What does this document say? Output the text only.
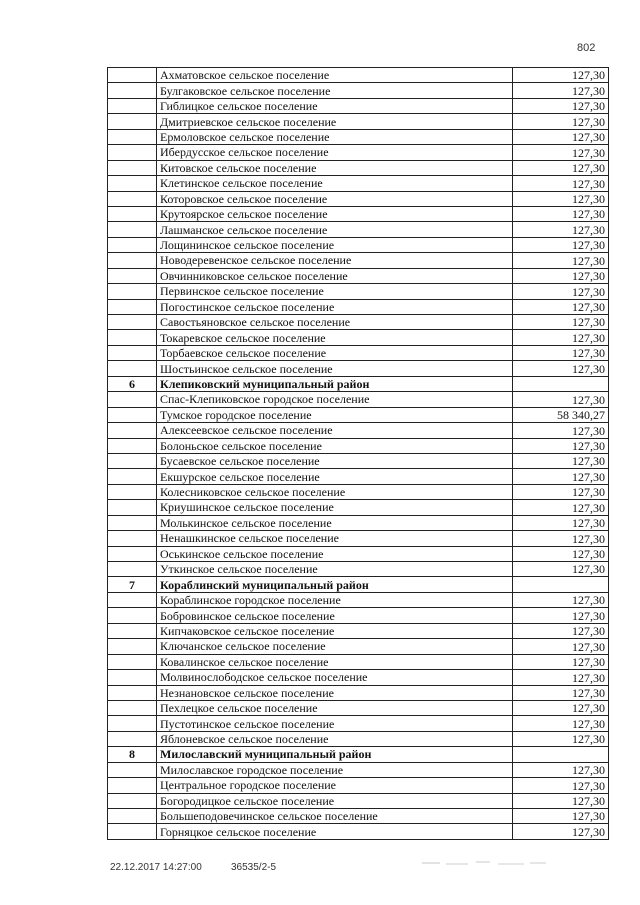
802
	Ахматовское сельское поселение	127,30
	Булгаковское сельское поселение	127,30
	Гиблицкое сельское поселение	127,30
	Дмитриевское сельское поселение	127,30
	Ермоловское сельское поселение	127,30
	Ибердусское сельское поселение	127,30
	Китовское сельское поселение	127,30
	Клетинское сельское поселение	127,30
	Которовское сельское поселение	127,30
	Крутоярское сельское поселение	127,30
	Лашманское сельское поселение	127,30
	Лощининское сельское поселение	127,30
	Новодеревенское сельское поселение	127,30
	Овчинниковское сельское поселение	127,30
	Первинское сельское поселение	127,30
	Погостинское сельское поселение	127,30
	Савостьяновское сельское поселение	127,30
	Токаревское сельское поселение	127,30
	Торбаевское сельское поселение	127,30
	Шостьинское сельское поселение	127,30
6	Клепиковский муниципальный район	
	Спас-Клепиковское городское поселение	127,30
	Тумское городское поселение	58 340,27
	Алексеевское сельское поселение	127,30
	Болоньское сельское поселение	127,30
	Бусаевское сельское поселение	127,30
	Екшурское сельское поселение	127,30
	Колесниковское сельское поселение	127,30
	Криушинское сельское поселение	127,30
	Молькинское сельское поселение	127,30
	Ненашкинское сельское поселение	127,30
	Оськинское сельское поселение	127,30
	Уткинское сельское поселение	127,30
7	Кораблинский муниципальный район	
	Кораблинское городское поселение	127,30
	Бобровинское сельское поселение	127,30
	Кипчаковское сельское поселение	127,30
	Ключанское сельское поселение	127,30
	Ковалинское сельское поселение	127,30
	Молвинослободское сельское поселение	127,30
	Незнановское сельское поселение	127,30
	Пехлецкое сельское поселение	127,30
	Пустотинское сельское поселение	127,30
	Яблоневское сельское поселение	127,30
8	Милославский муниципальный район	
	Милославское городское поселение	127,30
	Центральное городское поселение	127,30
	Богородицкое сельское поселение	127,30
	Большеподовечинское сельское поселение	127,30
	Горняцкое сельское поселение	127,30
22.12.2017 14:27:00	36535/2-5
